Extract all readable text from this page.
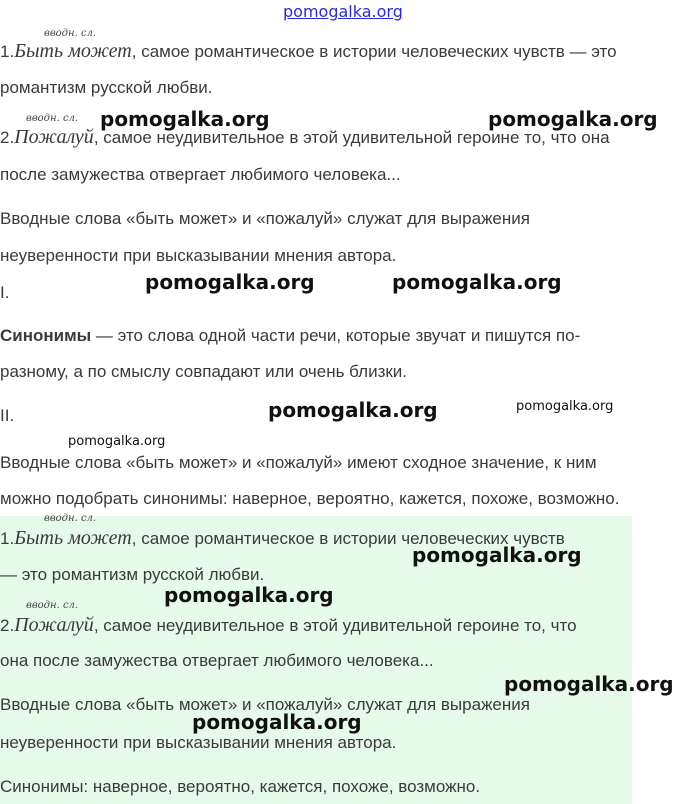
pomogalka.org
вводн. сл.
1.Быть может, самое романтическое в истории человеческих чувств — это
романтизм русской любви.
вводн. сл. pomogalka.org	pomogalka.org
2.Пожалуй, самое неудивительное в этой удивительной героине то, что она
после замужества отвергает любимого человека...
Вводные слова «быть может» и «пожалуй» служат для выражения
неуверенности при высказывании мнения автора.
I.	pomogalka.org	pomogalka.org
Синонимы — это слова одной части речи, которые звучат и пишутся по-
разному, а по смыслу совпадают или очень близки.
II.	pomogalka.org	pomogalka.org
pomogalka.org
Вводные слова «быть может» и «пожалуй» имеют сходное значение, к ним
можно подобрать синонимы: наверное, вероятно, кажется, похоже, возможно.
вводн. сл.
1.Быть может, самое романтическое в истории человеческих чувств
pomogalka.org
— это романтизм русской любви.
pomogalka.org
вводн. сл.
2.Пожалуй, самое неудивительное в этой удивительной героине то, что
она после замужества отвергает любимого человека...
pomogalka.org
Вводные слова «быть может» и «пожалуй» служат для выражения
pomogalka.org
неуверенности при высказывании мнения автора.
Синонимы: наверное, вероятно, кажется, похоже, возможно.
